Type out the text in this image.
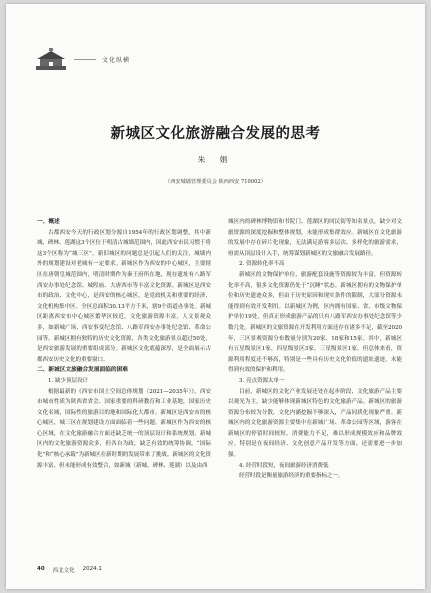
文化纵横
新城区文化旅游融合发展的思考
朱 娟
（西安城墙管理委员会 陕西西安 710002）
一、概述

古都西安今天的行政区划分源自1954年的行政区划调整，其中新城、碑林、莲湖这3个区位于明清古城墙范围内，因此西安市民习惯于将这3个区称为“城三区”。新旧城区的问题总是引起人们的关注，城墙内外的规划建设对老城有一定要求。新城区作为西安的中心城区，主要辖区在唐朝皇城范围内，明清时期作为秦王府所在地，现存遗址有八路军西安办事处纪念馆、城隍庙、大唐西市等丰富文化资源。新城区是西安市的政治、文化中心，是西安的核心城区，是党政机关和重要的经济、文化机构集中区。全区总面积30.13平方千米，辖9个街道办事处。新城区距离西安市中心城区繁华区较近，文化旅游资源丰富，人文景观众多，如新城广场、西安事变纪念馆、八路军西安办事处纪念馆、革命公园等。新城区拥有独特的历史文化资源，各类文化旅游景点超过50处，是西安旅游发展的重要组成部分。新城区文化底蕴深厚，是全面展示古都西安历史文化的重要窗口。

二、新城区文旅融合发展面临的困难
1. 缺少顶层设计

根据最新的《西安市国土空间总体规划（2021—2035年）》，西安市城市性质为陕西省省会、国家重要的科研教育和工业基地，国家历史文化名城，国际性的旅游目的地和国际化大都市。新城区是西安市的核心城区，城三区在规划建设方面面临着一些问题。新城区作为西安的核心区域，在文化旅游融合方面还缺乏统一的顶层设计和系统规划。新城区内的文化旅游资源众多，但各自为政，缺乏有效的统筹协调。“国际化”和“核心承载”为新城区在新时期的发展带来了挑战。新城区的文化资源丰富，但未能形成有效整合，如新城（新城、碑林、莲湖）以及由西

城区内的碑林博物馆和书院门、莲湖区的回民街等知名景点，缺少对文旅资源的深度挖掘和整体规划，未能形成集群效应。新城区在文化旅游的发展中存在碎片化现象，无法满足游客多层次、多样化的旅游需求，亟需从顶层设计入手，统筹谋划新城区的文旅融合发展路径。

2. 资源转化率不高

新城区的文物保护单位、旅游配套设施等资源较为丰富，但资源转化率不高，很多文化资源仍处于“沉睡”状态。新城区拥有的文物保护单位和历史遗迹众多，但由于历史原因和现实条件的限制，大部分资源未能得到有效开发利用。以新城区为例，区内拥有国家、省、市级文物保护单位19处，但真正形成旅游产品的只有八路军西安办事处纪念馆等少数几处。新城区的文旅资源在开发利用方面还存在诸多不足，截至2020年，三区景观资源分布数量分别为20家、18家和15家。其中，新城区有五星级景区1家，四星级景区3家，三星级景区1家。但总体来看，资源利用程度还不够高，特别是一些具有历史文化价值的遗址遗迹，未能得到有效的保护和利用。

3. 亮点资源太单一

目前，新城区的文化产业发展还处在起步阶段，文化旅游产品主要以观光为主，缺少能够体现新城区特色的文化旅游产品。新城区的旅游资源分布较为分散，文化内涵挖掘不够深入，产品同质化现象严重。新城区内的文化旅游资源主要集中在新城广场、革命公园等区域，游客在新城区的停留时间较短，消费能力不足，难以形成规模效应和品牌效应。特别是在夜间经济、文化创意产品开发等方面，还需要进一步加强。

4. 经营时段短，夜间旅游经济消费低

经营时段是衡量旅游经济的重要指标之一，

40 西北文化 2024.1
